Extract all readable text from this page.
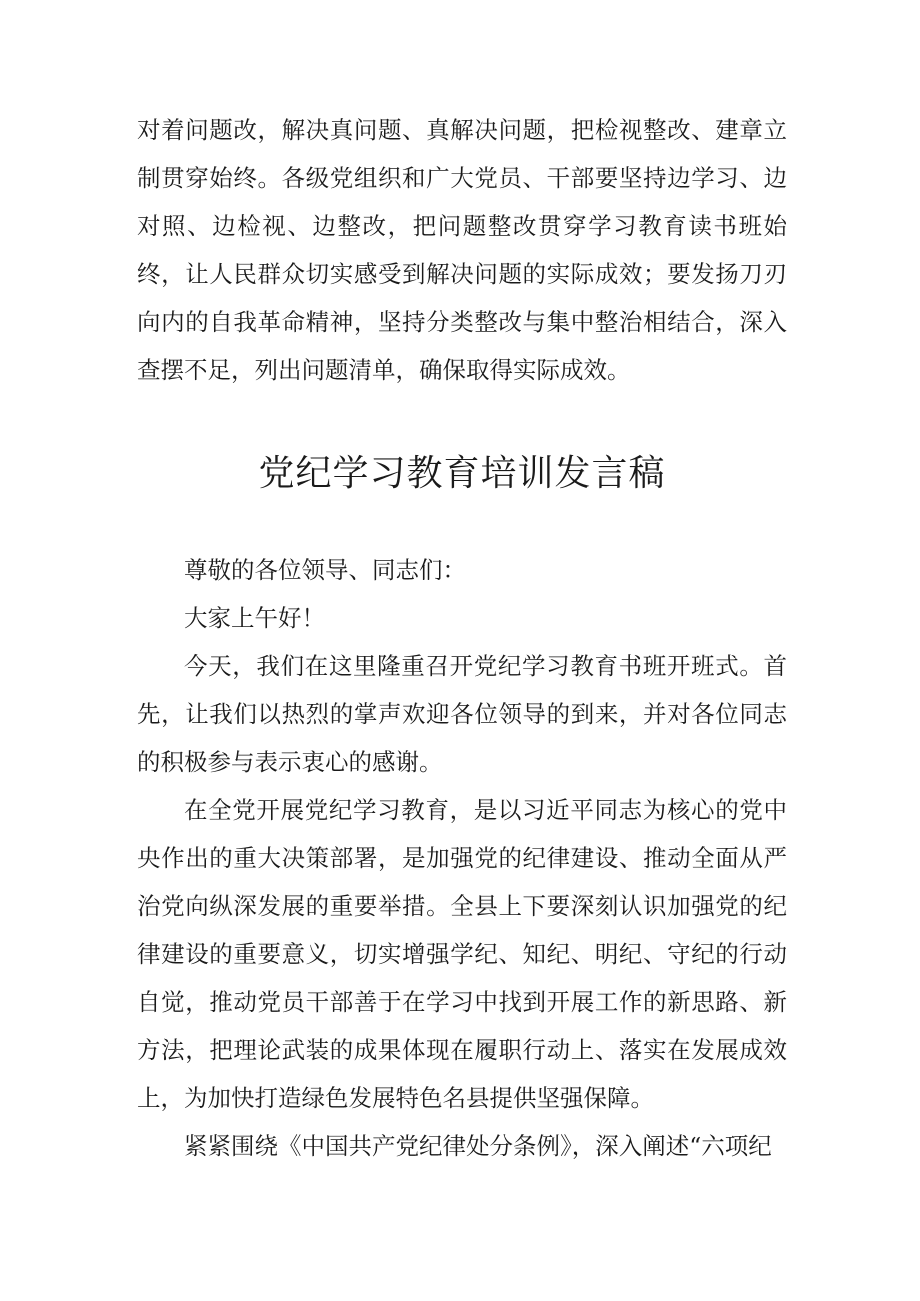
对着问题改，解决真问题、真解决问题，把检视整改、建章立制贯穿始终。各级党组织和广大党员、干部要坚持边学习、边对照、边检视、边整改，把问题整改贯穿学习教育读书班始终，让人民群众切实感受到解决问题的实际成效；要发扬刀刃向内的自我革命精神，坚持分类整改与集中整治相结合，深入查摆不足，列出问题清单，确保取得实际成效。

党纪学习教育培训发言稿

尊敬的各位领导、同志们：

大家上午好！

今天，我们在这里隆重召开党纪学习教育书班开班式。首先，让我们以热烈的掌声欢迎各位领导的到来，并对各位同志的积极参与表示衷心的感谢。

在全党开展党纪学习教育，是以习近平同志为核心的党中央作出的重大决策部署，是加强党的纪律建设、推动全面从严治党向纵深发展的重要举措。全县上下要深刻认识加强党的纪律建设的重要意义，切实增强学纪、知纪、明纪、守纪的行动自觉，推动党员干部善于在学习中找到开展工作的新思路、新方法，把理论武装的成果体现在履职行动上、落实在发展成效上，为加快打造绿色发展特色名县提供坚强保障。

紧紧围绕《中国共产党纪律处分条例》，深入阐述“六项纪
